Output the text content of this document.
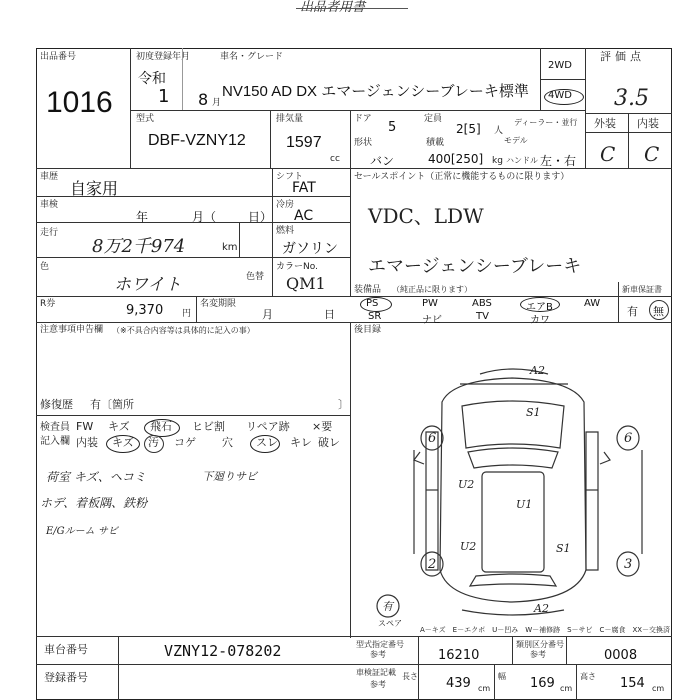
出品者用書
出品番号
1016
初度登録年月
令和
1 8 月
車名・グレード
NV150 AD DX エマージェンシーブレーキ標準
2WD
4WD
評価点
3.5
外装 内装
C C
型式
DBF-VZNY12
排気量
1597
cc
ドア
5
定員
2[5] 人
ディーラー・並行
形状
バン
積載
400[250] kg
モデル
ハンドル 左・右
車歴
自家用
シフト
FAT
セールスポイント（正常に機能するものに限ります）
VDC、LDW
エマージェンシーブレーキ
車検
年	月（	日）
冷房
AC
走行
8万2千974	km
燃料
ガソリン
色
ホワイト	色替
カラーNo.
QM1
R券	9,370 円
名変期限
月	日
装備品 （純正品に限ります）
PS	PW	ABS	エアB	AW
SR	ナビ	TV	カワ
新車保証書
有 無
注意事項申告欄 （※不具合内容等は具体的に記入の事）	後目録
修復歴 有〔箇所	〕
検査員
記入欄
FW キズ 飛石 ヒビ割 リペア跡 ×要
内装 キズ 汚 コゲ 穴 スレ キレ 破レ
荷室 キズ、ヘコミ	下廻りサビ
ホデ、着板隅、鉄粉
E/Gルーム サビ
A2
S1
U2
U1
U2	S1
A2
6	6
2	3
有
スペア
A－キズ　E－エクボ　U－凹み　W－補修跡　S－サビ　C－腐食　XX－交換済
車台番号	VZNY12-078202
登録番号
型式指定番号
参考	16210
類別区分番号
参考	0008
車検証記載
参考
長さ 439 cm
幅 169 cm
高さ 154 cm
